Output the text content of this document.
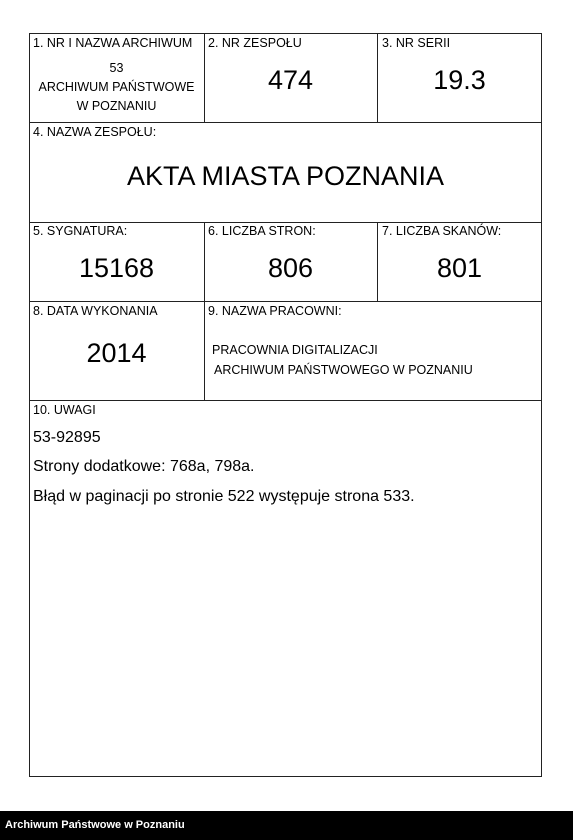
1. NR I NAZWA ARCHIWUM
53
ARCHIWUM PAŃSTWOWE
W POZNANIU
2. NR ZESPOŁU
474
3. NR SERII
19.3
4. NAZWA ZESPOŁU:
AKTA MIASTA POZNANIA
5. SYGNATURA:
15168
6. LICZBA STRON:
806
7. LICZBA SKANÓW:
801
8. DATA WYKONANIA
2014
9. NAZWA PRACOWNI:
PRACOWNIA DIGITALIZACJI
ARCHIWUM PAŃSTWOWEGO W POZNANIU
10. UWAGI
53-92895
Strony dodatkowe: 768a, 798a.
Błąd w paginacji po stronie 522 występuje strona 533.
Archiwum Państwowe w Poznaniu
